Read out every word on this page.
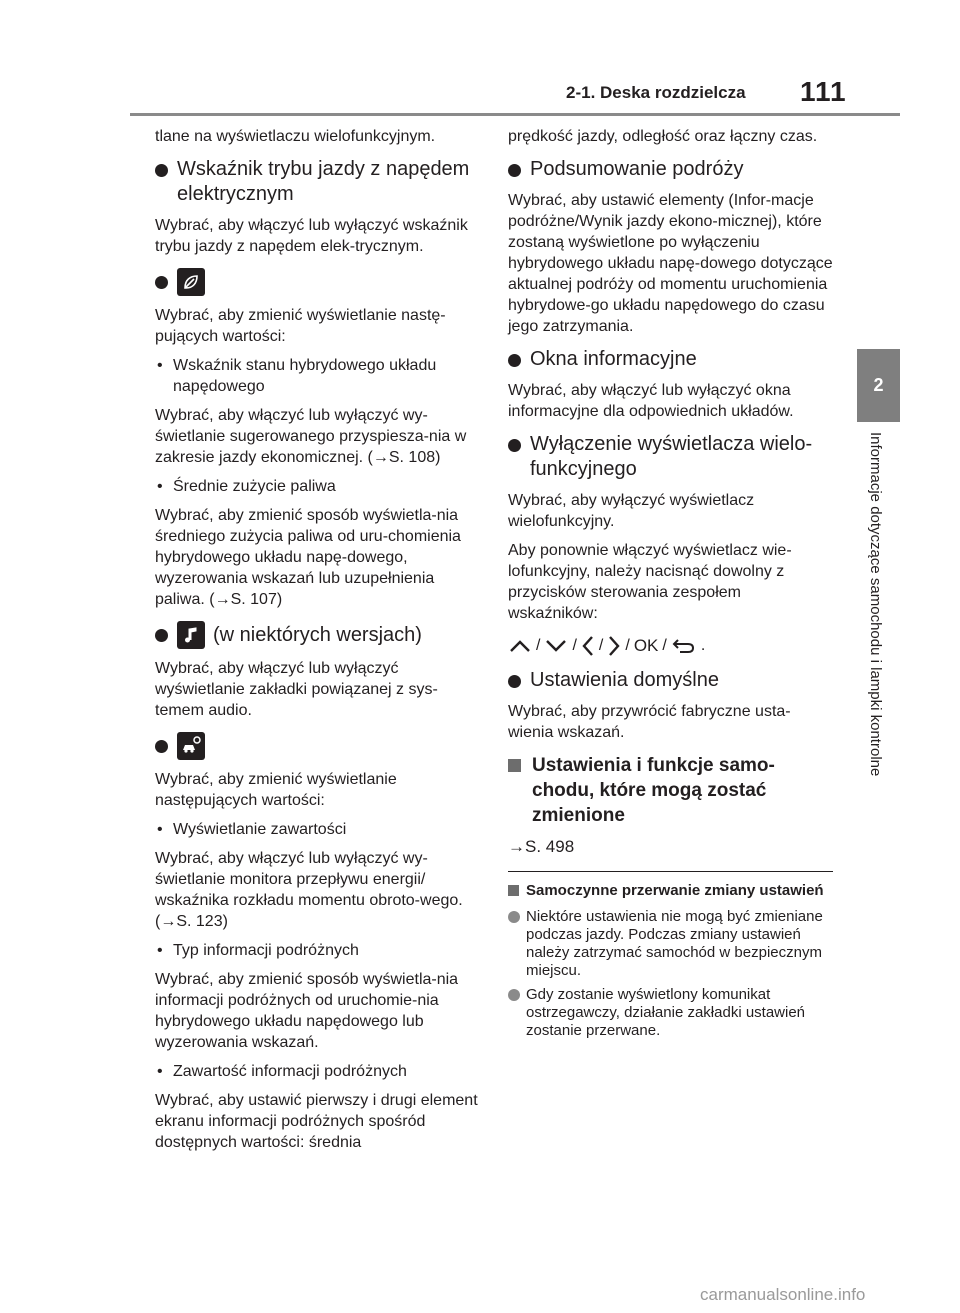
2-1. Deska rozdzielcza 111
2
Informacje dotyczące samochodu i lampki kontrolne

tlane na wyświetlaczu wielofunkcyjnym.

Wskaźnik trybu jazdy z napędem elektrycznym

Wybrać, aby włączyć lub wyłączyć wskaźnik trybu jazdy z napędem elek-trycznym.

Wybrać, aby zmienić wyświetlanie nastę-pujących wartości:

• Wskaźnik stanu hybrydowego układu napędowego

Wybrać, aby włączyć lub wyłączyć wy-świetlanie sugerowanego przyspiesza-nia w zakresie jazdy ekonomicznej. (→S. 108)

• Średnie zużycie paliwa

Wybrać, aby zmienić sposób wyświetla-nia średniego zużycia paliwa od uru-chomienia hybrydowego układu napę-dowego, wyzerowania wskazań lub uzupełnienia paliwa. (→S. 107)

(w niektórych wersjach)

Wybrać, aby włączyć lub wyłączyć wyświetlanie zakładki powiązanej z sys-temem audio.

Wybrać, aby zmienić wyświetlanie następujących wartości:

• Wyświetlanie zawartości

Wybrać, aby włączyć lub wyłączyć wy-świetlanie monitora przepływu energii/ wskaźnika rozkładu momentu obroto-wego. (→S. 123)

• Typ informacji podróżnych

Wybrać, aby zmienić sposób wyświetla-nia informacji podróżnych od uruchomie-nia hybrydowego układu napędowego lub wyzerowania wskazań.

• Zawartość informacji podróżnych

Wybrać, aby ustawić pierwszy i drugi element ekranu informacji podróżnych spośród dostępnych wartości: średnia

prędkość jazdy, odległość oraz łączny czas.

Podsumowanie podróży

Wybrać, aby ustawić elementy (Infor-macje podróżne/Wynik jazdy ekono-micznej), które zostaną wyświetlone po wyłączeniu hybrydowego układu napę-dowego dotyczące aktualnej podróży od momentu uruchomienia hybrydowe-go układu napędowego do czasu jego zatrzymania.

Okna informacyjne

Wybrać, aby włączyć lub wyłączyć okna informacyjne dla odpowiednich układów.

Wyłączenie wyświetlacza wielo-funkcyjnego

Wybrać, aby wyłączyć wyświetlacz wielofunkcyjny.

Aby ponownie włączyć wyświetlacz wie-lofunkcyjny, należy nacisnąć dowolny z przycisków sterowania zespołem wskaźników:

/ / / / OK / .
Ustawienia domyślne

Wybrać, aby przywrócić fabryczne usta-wienia wskazań.

Ustawienia i funkcje samo-chodu, które mogą zostać zmienione

→S. 498

Samoczynne przerwanie zmiany ustawień
Niektóre ustawienia nie mogą być zmieniane podczas jazdy. Podczas zmiany ustawień należy zatrzymać samochód w bezpiecznym miejscu.
Gdy zostanie wyświetlony komunikat ostrzegawczy, działanie zakładki ustawień zostanie przerwane.
carmanualsonline.info
